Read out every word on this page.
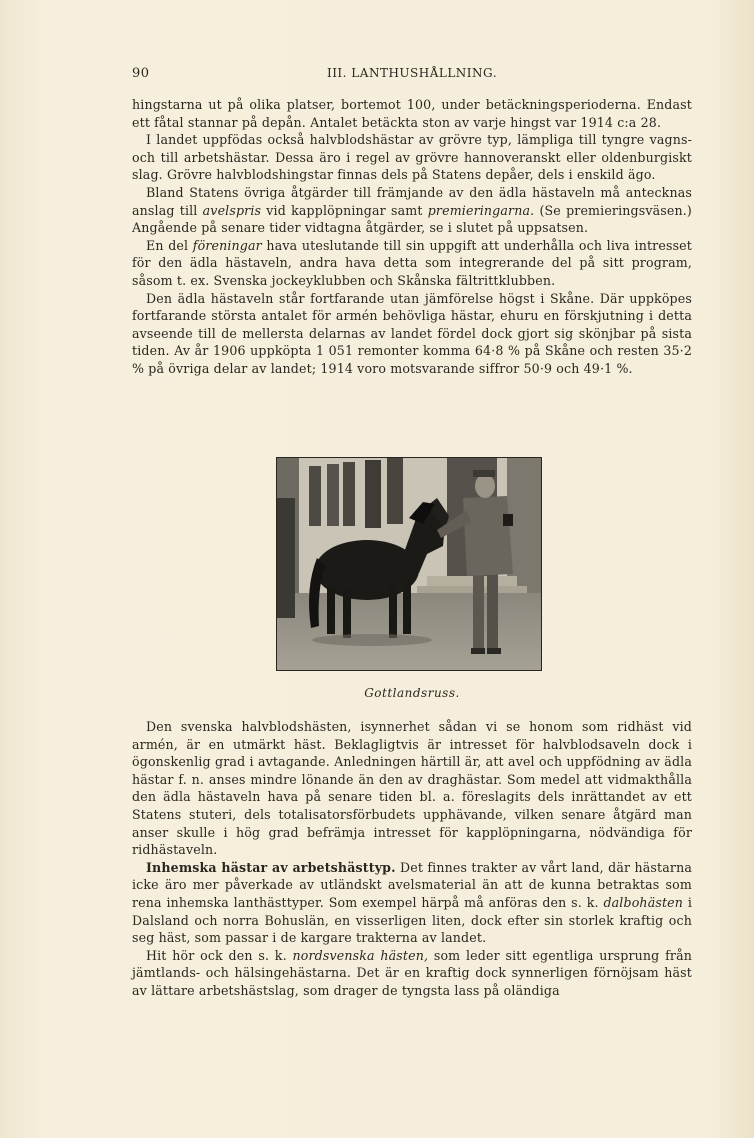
90	III. LANTHUSHÅLLNING.

hingstarna ut på olika platser, bortemot 100, under betäckningsperioderna. Endast ett fåtal stannar på depån. Antalet betäckta ston av varje hingst var 1914 c:a 28.

I landet uppfödas också halvblodshästar av grövre typ, lämpliga till tyngre vagns- och till arbetshästar. Dessa äro i regel av grövre hannoveranskt eller oldenburgiskt slag. Grövre halvblodshingstar finnas dels på Statens depåer, dels i enskild ägo.

Bland Statens övriga åtgärder till främjande av den ädla hästaveln må antecknas anslag till avelspris vid kapplöpningar samt premieringarna. (Se premieringsväsen.) Angående på senare tider vidtagna åtgärder, se i slutet på uppsatsen.

En del föreningar hava uteslutande till sin uppgift att underhålla och liva intresset för den ädla hästaveln, andra hava detta som integrerande del på sitt program, såsom t. ex. Svenska jockeyklubben och Skånska fältrittklubben.

Den ädla hästaveln står fortfarande utan jämförelse högst i Skåne. Där uppköpes fortfarande största antalet för armén behövliga hästar, ehuru en förskjutning i detta avseende till de mellersta delarnas av landet fördel dock gjort sig skönjbar på sista tiden. Av år 1906 uppköpta 1 051 remonter komma 64·8 % på Skåne och resten 35·2 % på övriga delar av landet; 1914 voro motsvarande siffror 50·9 och 49·1 %.

Gottlandsruss.

Den svenska halvblodshästen, isynnerhet sådan vi se honom som ridhäst vid armén, är en utmärkt häst. Beklagligtvis är intresset för halvblodsaveln dock i ögonskenlig grad i avtagande. Anledningen härtill är, att avel och uppfödning av ädla hästar f. n. anses mindre lönande än den av draghästar. Som medel att vidmakthålla den ädla hästaveln hava på senare tiden bl. a. föreslagits dels inrättandet av ett Statens stuteri, dels totalisatorsförbudets upphävande, vilken senare åtgärd man anser skulle i hög grad befrämja intresset för kapplöpningarna, nödvändiga för ridhästaveln.

Inhemska hästar av arbetshästtyp. Det finnes trakter av vårt land, där hästarna icke äro mer påverkade av utländskt avelsmaterial än att de kunna betraktas som rena inhemska lanthästtyper. Som exempel härpå må anföras den s. k. dalbohästen i Dalsland och norra Bohuslän, en visserligen liten, dock efter sin storlek kraftig och seg häst, som passar i de kargare trakterna av landet.

Hit hör ock den s. k. nordsvenska hästen, som leder sitt egentliga ursprung från jämtlands- och hälsingehästarna. Det är en kraftig dock synnerligen förnöjsam häst av lättare arbetshästslag, som drager de tyngsta lass på oländiga
